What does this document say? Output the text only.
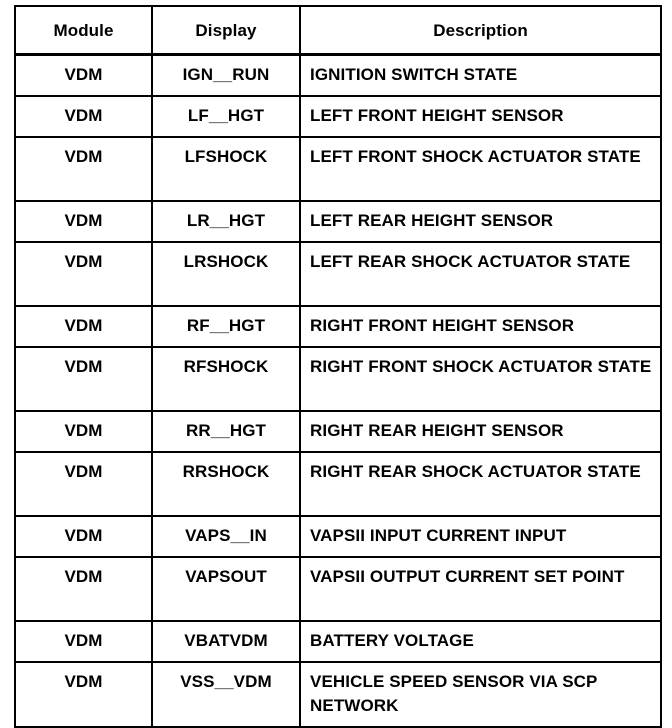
Module	Display	Description
VDM	IGN__RUN	IGNITION SWITCH STATE
VDM	LF__HGT	LEFT FRONT HEIGHT SENSOR
VDM	LFSHOCK	LEFT FRONT SHOCK ACTUATOR STATE
VDM	LR__HGT	LEFT REAR HEIGHT SENSOR
VDM	LRSHOCK	LEFT REAR SHOCK ACTUATOR STATE
VDM	RF__HGT	RIGHT FRONT HEIGHT SENSOR
VDM	RFSHOCK	RIGHT FRONT SHOCK ACTUATOR STATE
VDM	RR__HGT	RIGHT REAR HEIGHT SENSOR
VDM	RRSHOCK	RIGHT REAR SHOCK ACTUATOR STATE
VDM	VAPS__IN	VAPSII INPUT CURRENT INPUT
VDM	VAPSOUT	VAPSII OUTPUT CURRENT SET POINT
VDM	VBATVDM	BATTERY VOLTAGE
VDM	VSS__VDM	VEHICLE SPEED SENSOR VIA SCP NETWORK
